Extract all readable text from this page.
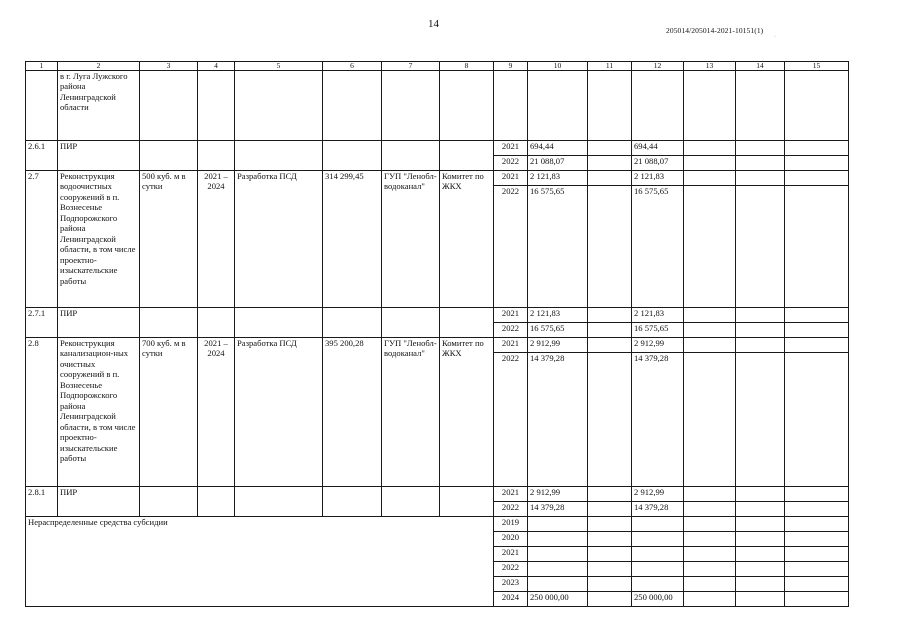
14
205014/205014-2021-10151(1)
·
1	2	3	4	5	6	7	8	9	10	11	12	13	14	15
	в г. Луга Лужского района Ленинградской области													
2.6.1	ПИР							2021	694,44		694,44			
								2022	21 088,07		21 088,07			
2.7	Реконструкция водоочистных сооружений в п. Вознесенье Подпорожского района Ленинградской области, в том числе проектно-изыскательские работы	500 куб. м в сутки	2021 – 2024	Разработка ПСД	314 299,45	ГУП "Ленобл-водоканал"	Комитет по ЖКХ	2021	2 121,83		2 121,83			
								2022	16 575,65		16 575,65			
2.7.1	ПИР							2021	2 121,83		2 121,83			
								2022	16 575,65		16 575,65			
2.8	Реконструкция канализацион-ных очистных сооружений в п. Вознесенье Подпорожского района Ленинградской области, в том числе проектно-изыскательские работы	700 куб. м в сутки	2021 – 2024	Разработка ПСД	395 200,28	ГУП "Ленобл-водоканал"	Комитет по ЖКХ	2021	2 912,99		2 912,99			
								2022	14 379,28		14 379,28			
2.8.1	ПИР							2021	2 912,99		2 912,99			
								2022	14 379,28		14 379,28			
Нераспределенные средства субсидии								2019						
								2020						
								2021						
								2022						
								2023						
								2024	250 000,00		250 000,00			
